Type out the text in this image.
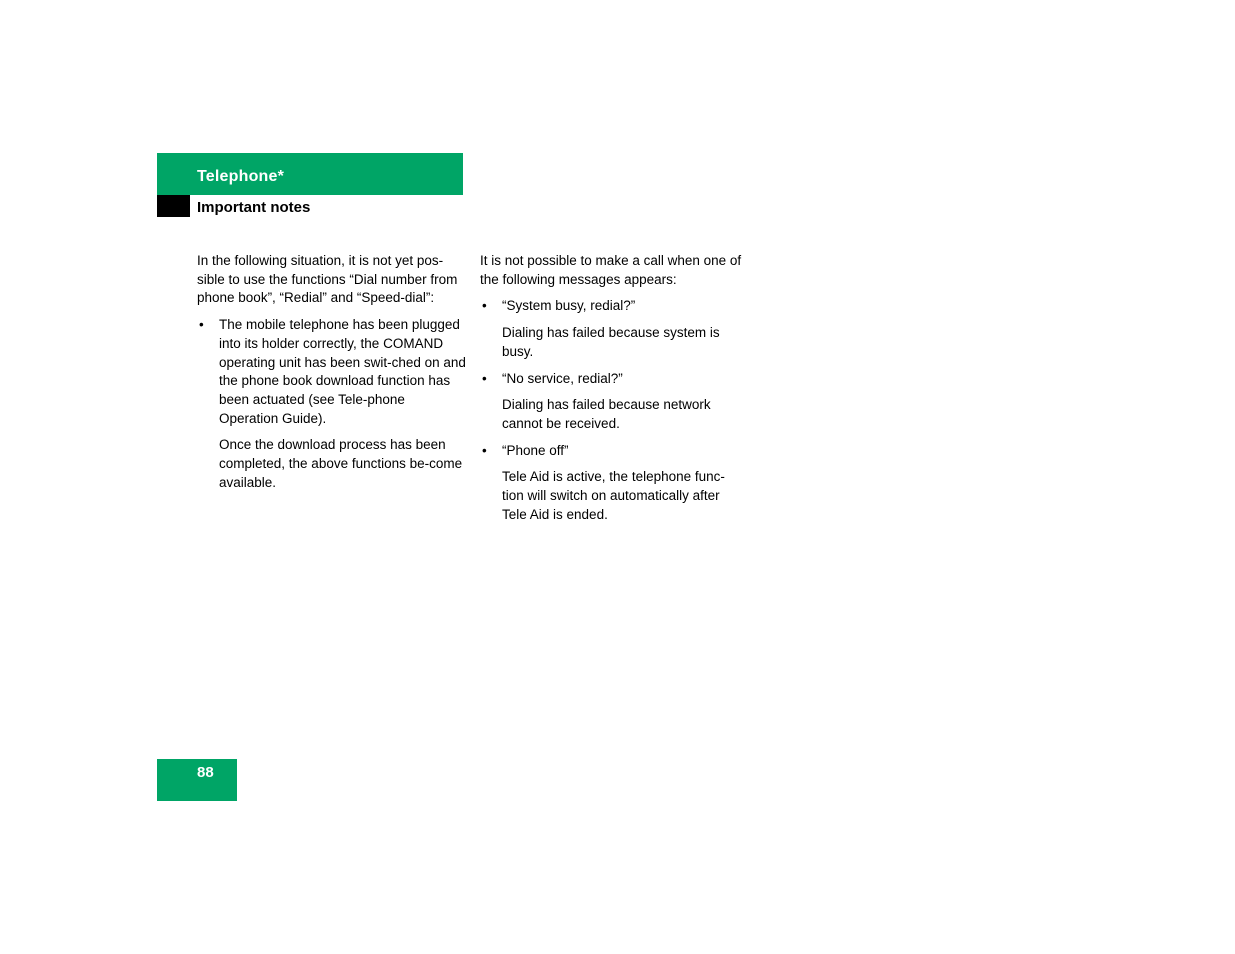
Telephone*
Important notes

In the following situation, it is not yet pos-sible to use the functions “Dial number from phone book”, “Redial” and “Speed-dial”:

• The mobile telephone has been plugged into its holder correctly, the COMAND operating unit has been swit-ched on and the phone book download function has been actuated (see Tele-phone Operation Guide).

Once the download process has been completed, the above functions be-come available.

It is not possible to make a call when one of the following messages appears:

• “System busy, redial?”

Dialing has failed because system is busy.

• “No service, redial?”

Dialing has failed because network cannot be received.

• “Phone off”

Tele Aid is active, the telephone func-tion will switch on automatically after Tele Aid is ended.

88
